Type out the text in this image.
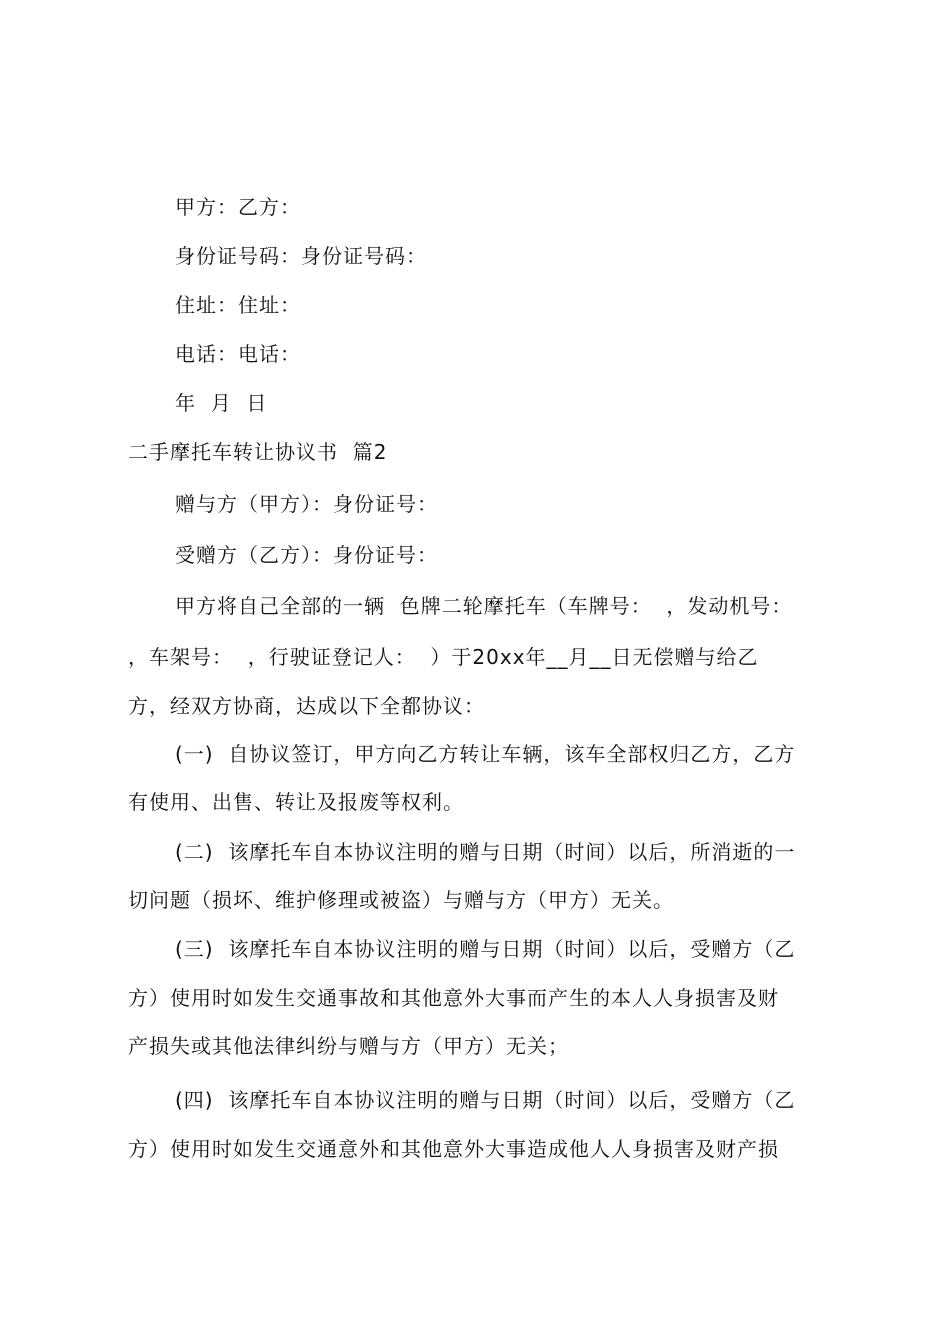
甲方：乙方：
身份证号码：身份证号码：
住址：住址：
电话：电话：
年  月  日
二手摩托车转让协议书  篇2
赠与方（甲方）：身份证号：
受赠方（乙方）：身份证号：
甲方将自己全部的一辆  色牌二轮摩托车（车牌号：  ，发动机号：
，车架号：  ，行驶证登记人：  ）于20xx年__月__日无偿赠与给乙
方，经双方协商，达成以下全都协议：
(一)  自协议签订，甲方向乙方转让车辆，该车全部权归乙方，乙方
有使用、出售、转让及报废等权利。
(二)  该摩托车自本协议注明的赠与日期（时间）以后，所消逝的一
切问题（损坏、维护修理或被盗）与赠与方（甲方）无关。
(三)  该摩托车自本协议注明的赠与日期（时间）以后，受赠方（乙
方）使用时如发生交通事故和其他意外大事而产生的本人人身损害及财
产损失或其他法律纠纷与赠与方（甲方）无关；
(四)  该摩托车自本协议注明的赠与日期（时间）以后，受赠方（乙
方）使用时如发生交通意外和其他意外大事造成他人人身损害及财产损
